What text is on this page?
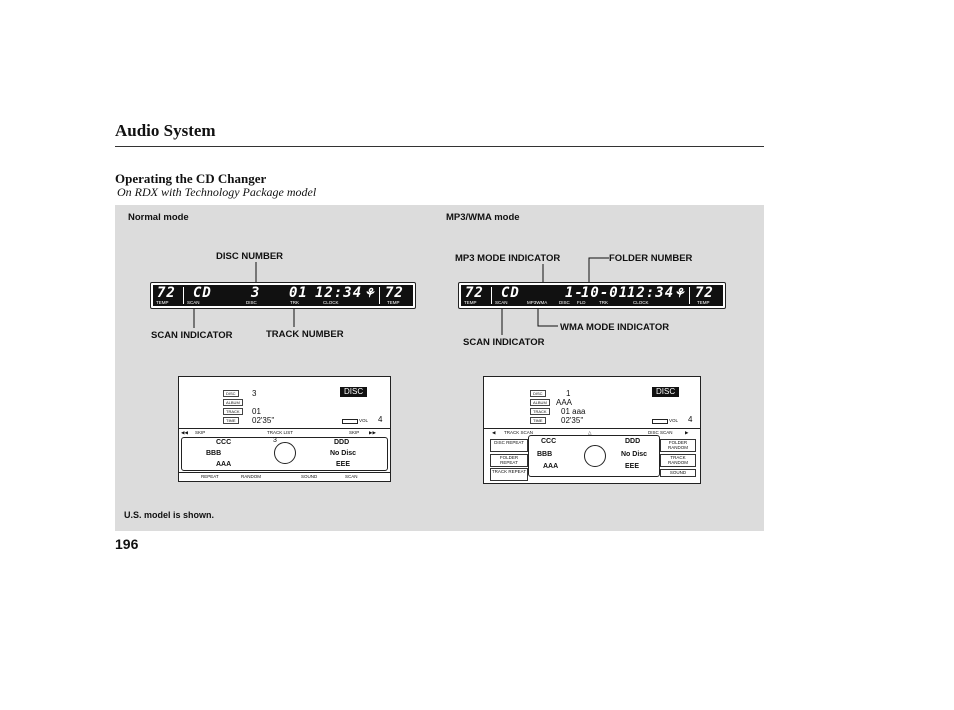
Audio System
Operating the CD Changer
On RDX with Technology Package model
Normal mode	MP3/WMA mode
DISC NUMBER
SCAN INDICATOR	TRACK NUMBER
MP3 MODE INDICATOR	FOLDER NUMBER
WMA MODE INDICATOR
SCAN INDICATOR
72 CD	3 01 12:34 ⚘ 72
TEMP	SCAN	DISC	TRK	CLOCK	TEMP
72 CD	1-
10-01
12:34 ⚘ 72
TEMP	SCAN	MP3WMA	DISC FLD	TRK	CLOCK	TEMP
DISC
ALBUM
TRACK
TIME
3
01
02'35''
DISC
VOL 4
◀◀ SKIP	TRACK LIST	SKIP ▶▶
CCC	DDD
BBB	No Disc
AAA	EEE
3
REPEAT	RANDOM	SOUND	SCAN
DISC
ALBUM
TRACK
TIME
1
AAA
01 aaa
02'35''
DISC
VOL 4
◀ TRACK SCAN	△	DISC SCAN	▶
DISC REPEAT
FOLDER REPEAT
TRACK REPEAT
FOLDER RANDOM
TRACK RANDOM
SOUND
CCC	DDD
BBB	No Disc
AAA	EEE
U.S. model is shown.
196
